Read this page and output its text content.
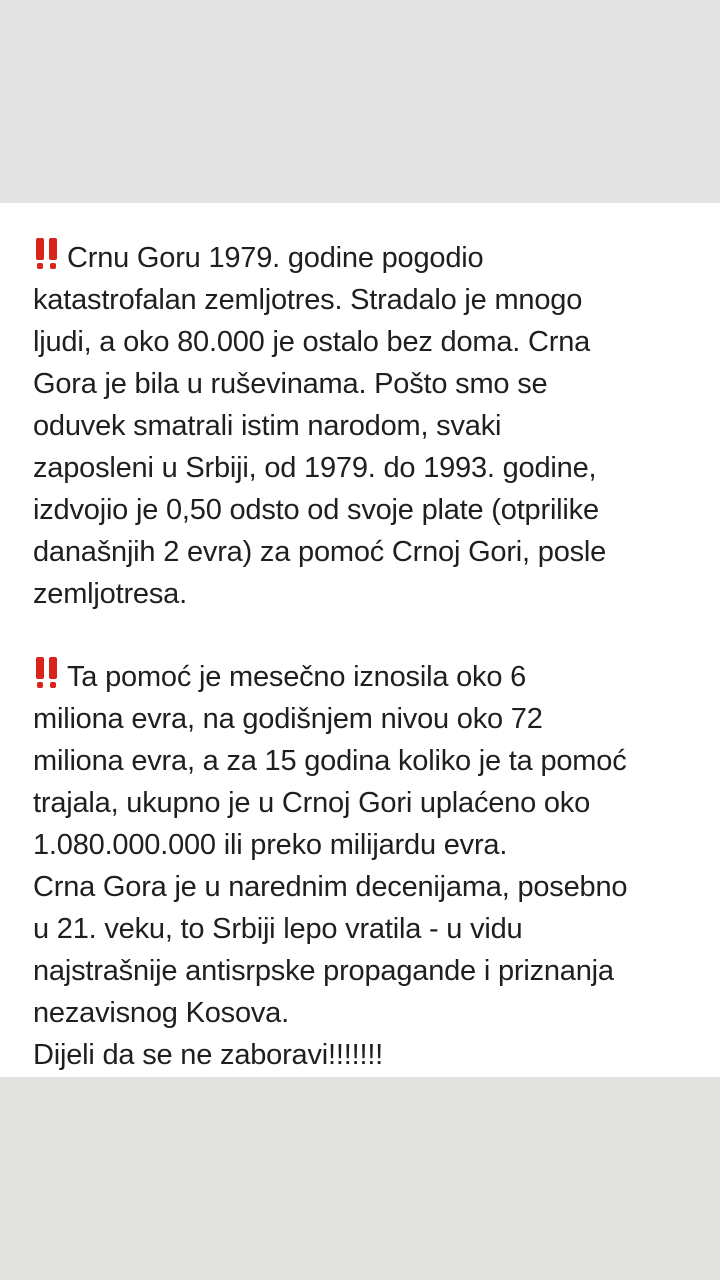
Crnu Goru 1979. godine pogodio
katastrofalan zemljotres. Stradalo je mnogo
ljudi, a oko 80.000 je ostalo bez doma. Crna
Gora je bila u ruševinama. Pošto smo se
oduvek smatrali istim narodom, svaki
zaposleni u Srbiji, od 1979. do 1993. godine,
izdvojio je 0,50 odsto od svoje plate (otprilike
današnjih 2 evra) za pomoć Crnoj Gori, posle
zemljotresa.
Ta pomoć je mesečno iznosila oko 6
miliona evra, na godišnjem nivou oko 72
miliona evra, a za 15 godina koliko je ta pomoć
trajala, ukupno je u Crnoj Gori uplaćeno oko
1.080.000.000 ili preko milijardu evra.
Crna Gora je u narednim decenijama, posebno
u 21. veku, to Srbiji lepo vratila - u vidu
najstrašnije antisrpske propagande i priznanja
nezavisnog Kosova.
Dijeli da se ne zaboravi!!!!!!!
